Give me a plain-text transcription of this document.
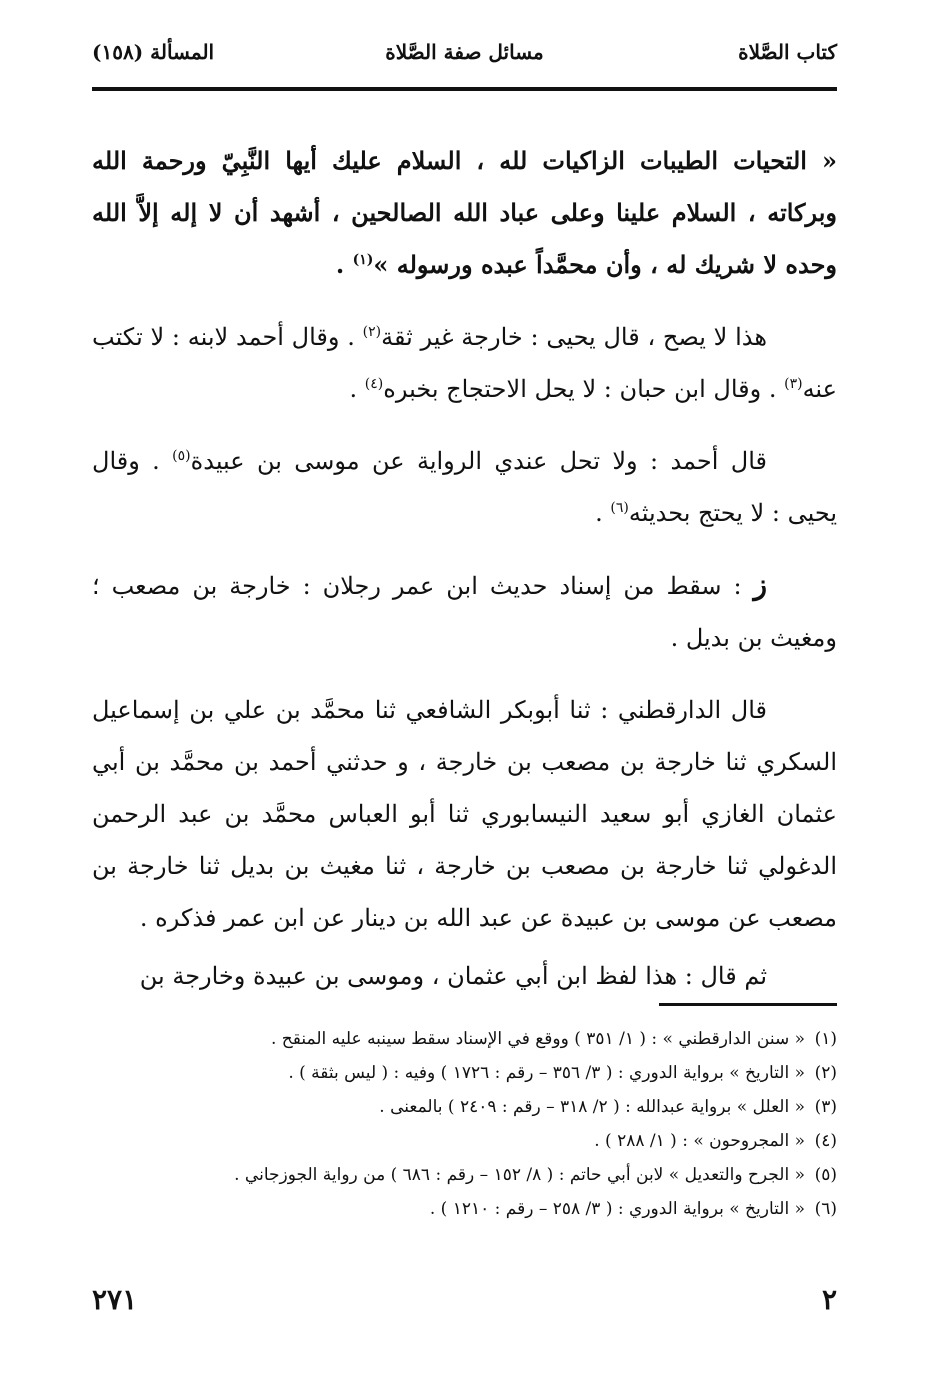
كتاب الصَّلاة
مسائل صفة الصَّلاة
المسألة (١٥٨)

« التحيات الطيبات الزاكيات لله ، السلام عليك أيها النَّبِيّ ورحمة الله وبركاته ، السلام علينا وعلى عباد الله الصالحين ، أشهد أن لا إله إلاَّ الله وحده لا شريك له ، وأن محمَّداً عبده ورسوله »$^{(١)}$ .

هذا لا يصح ، قال يحيى : خارجة غير ثقة$^{(٢)}$ . وقال أحمد لابنه : لا تكتب عنه$^{(٣)}$ . وقال ابن حبان : لا يحل الاحتجاج بخبره$^{(٤)}$ .

قال أحمد : ولا تحل عندي الرواية عن موسى بن عبيدة$^{(٥)}$ . وقال يحيى : لا يحتج بحديثه$^{(٦)}$ .

ز : سقط من إسناد حديث ابن عمر رجلان : خارجة بن مصعب ؛ ومغيث بن بديل .

قال الدارقطني : ثنا أبوبكر الشافعي ثنا محمَّد بن علي بن إسماعيل السكري ثنا خارجة بن مصعب بن خارجة ، و حدثني أحمد بن محمَّد بن أبي عثمان الغازي أبو سعيد النيسابوري ثنا أبو العباس محمَّد بن عبد الرحمن الدغولي ثنا خارجة بن مصعب بن خارجة ، ثنا مغيث بن بديل ثنا خارجة بن مصعب عن موسى بن عبيدة عن عبد الله بن دينار عن ابن عمر فذكره .

ثم قال : هذا لفظ ابن أبي عثمان ، وموسى بن عبيدة وخارجة بن

(١)« سنن الدارقطني » : ( ١/ ٣٥١ ) ووقع في الإسناد سقط سينبه عليه المنقح .

(٢)« التاريخ » برواية الدوري : ( ٣/ ٣٥٦ – رقم : ١٧٢٦ ) وفيه : ( ليس بثقة ) .

(٣)« العلل » برواية عبدالله : ( ٢/ ٣١٨ – رقم : ٢٤٠٩ ) بالمعنى .

(٤)« المجروحون » : ( ١/ ٢٨٨ ) .

(٥)« الجرح والتعديل » لابن أبي حاتم : ( ٨/ ١٥٢ – رقم : ٦٨٦ ) من رواية الجوزجاني .

(٦)« التاريخ » برواية الدوري : ( ٣/ ٢٥٨ – رقم : ١٢١٠ ) .

٢٧١	٢
